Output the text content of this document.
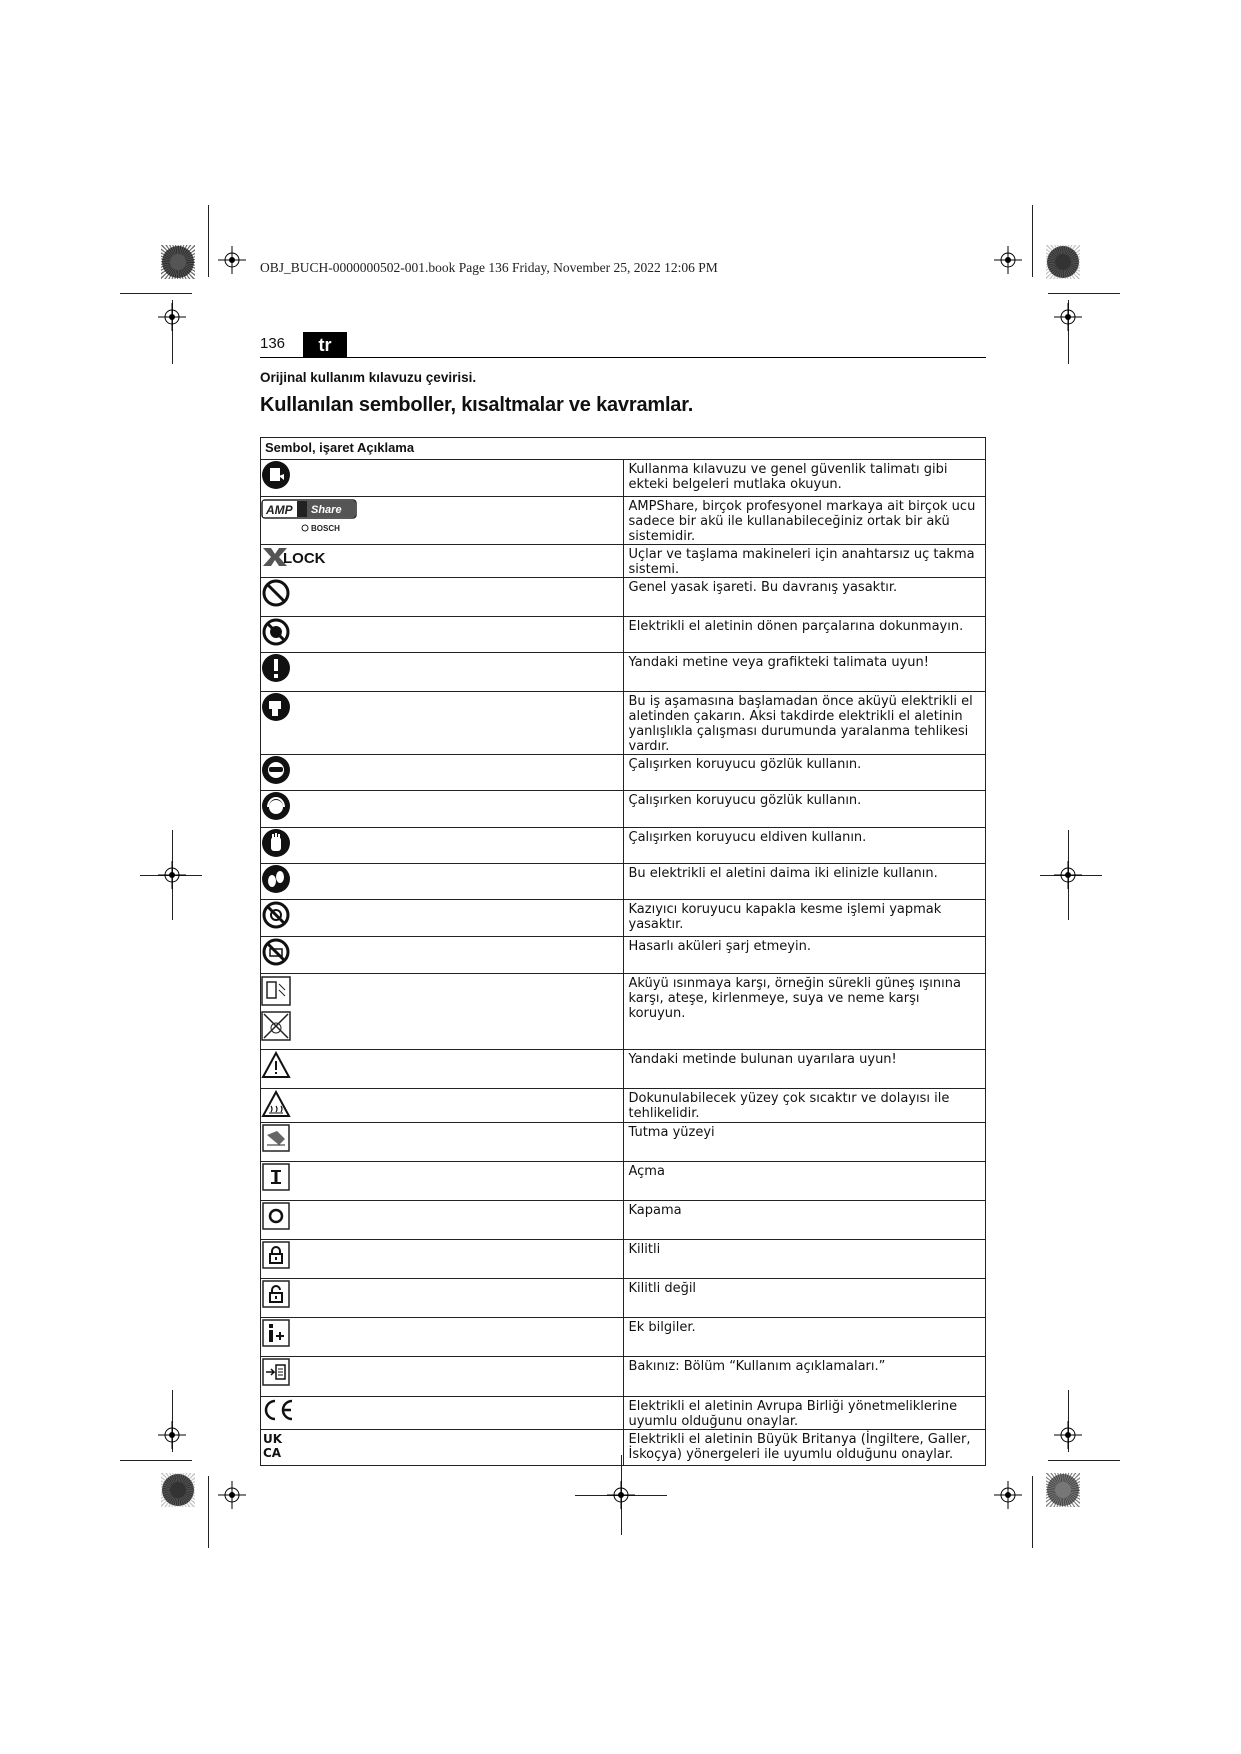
OBJ_BUCH-0000000502-001.book Page 136 Friday, November 25, 2022 12:06 PM
136	tr
Orijinal kullanım kılavuzu çevirisi.
Kullanılan semboller, kısaltmalar ve kavramlar.
Sembol, işaret Açıklama	

	Kullanma kılavuzu ve genel güvenlik talimatı gibi ekteki belgeleri mutlaka okuyun.

AMP Share
BOSCH	AMPShare, birçok profesyonel markaya ait birçok ucu sadece bir akü ile kullanabileceğiniz ortak bir akü sistemidir.

LOCK	Uçlar ve taşlama makineleri için anahtarsız uç takma sistemi.

	Genel yasak işareti. Bu davranış yasaktır.

	Elektrikli el aletinin dönen parçalarına dokunmayın.

	Yandaki metine veya grafikteki talimata uyun!

	Bu iş aşamasına başlamadan önce aküyü elektrikli el aletinden çakarın. Aksi takdirde elektrikli el aletinin yanlışlıkla çalışması durumunda yaralanma tehlikesi vardır.

	Çalışırken koruyucu gözlük kullanın.

	Çalışırken koruyucu gözlük kullanın.

	Çalışırken koruyucu eldiven kullanın.

	Bu elektrikli el aletini daima iki elinizle kullanın.

	Kazıyıcı koruyucu kapakla kesme işlemi yapmak yasaktır.

	Hasarlı aküleri şarj etmeyin.

	Aküyü ısınmaya karşı, örneğin sürekli güneş ışınına karşı, ateşe, kirlenmeye, suya ve neme karşı koruyun.

	Yandaki metinde bulunan uyarılara uyun!

	Dokunulabilecek yüzey çok sıcaktır ve dolayısı ile tehlikelidir.

	Tutma yüzeyi

	Açma

	Kapama

	Kilitli

	Kilitli değil

	Ek bilgiler.

	Bakınız: Bölüm “Kullanım açıklamaları.”

	Elektrikli el aletinin Avrupa Birliği yönetmeliklerine uyumlu olduğunu onaylar.

UK
CA	Elektrikli el aletinin Büyük Britanya (İngiltere, Galler, İskoçya) yönergeleri ile uyumlu olduğunu onaylar.
